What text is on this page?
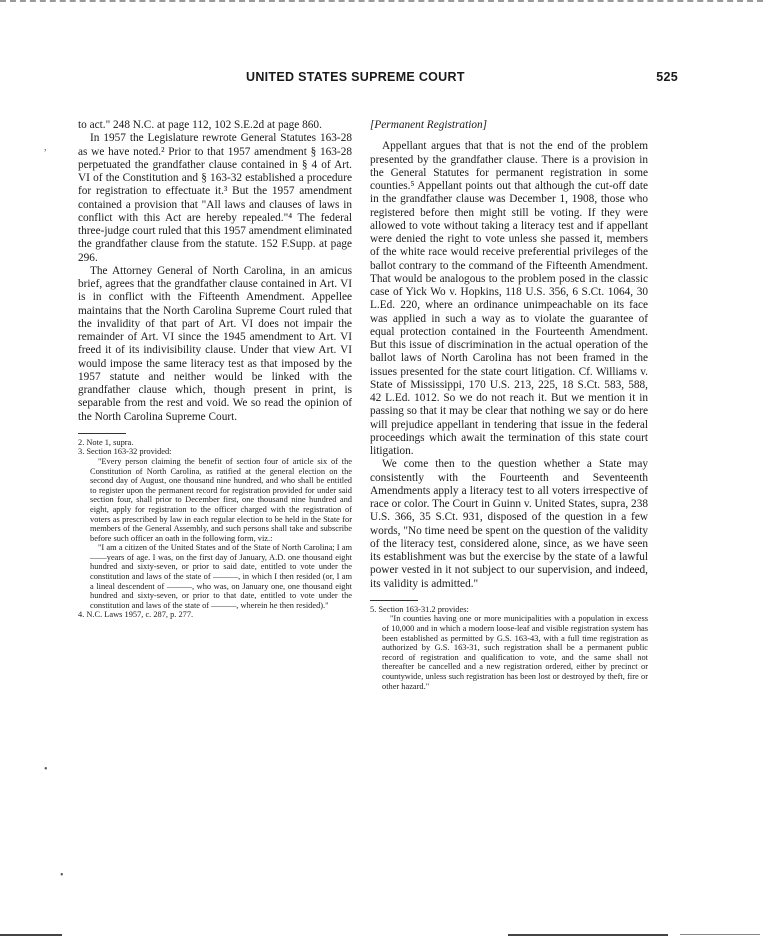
UNITED STATES SUPREME COURT	525
,
•
•

to act." 248 N.C. at page 112, 102 S.E.2d at page 860.

In 1957 the Legislature rewrote General Statutes 163-28 as we have noted.² Prior to that 1957 amendment § 163-28 perpetuated the grandfather clause contained in § 4 of Art. VI of the Constitution and § 163-32 established a procedure for registration to effectuate it.³ But the 1957 amendment contained a provision that "All laws and clauses of laws in conflict with this Act are hereby repealed."⁴ The federal three-judge court ruled that this 1957 amendment eliminated the grandfather clause from the statute. 152 F.Supp. at page 296.

The Attorney General of North Carolina, in an amicus brief, agrees that the grandfather clause contained in Art. VI is in conflict with the Fifteenth Amendment. Appellee maintains that the North Carolina Supreme Court ruled that the invalidity of that part of Art. VI does not impair the remainder of Art. VI since the 1945 amendment to Art. VI freed it of its indivisibility clause. Under that view Art. VI would impose the same literacy test as that imposed by the 1957 statute and neither would be linked with the grandfather clause which, though present in print, is separable from the rest and void. We so read the opinion of the North Carolina Supreme Court.

2. Note 1, supra.

3. Section 163-32 provided:

"Every person claiming the benefit of section four of article six of the Constitution of North Carolina, as ratified at the general election on the second day of August, one thousand nine hundred, and who shall be entitled to register upon the permanent record for registration provided for under said section four, shall prior to December first, one thousand nine hundred and eight, apply for registration to the officer charged with the registration of voters as prescribed by law in each regular election to be held in the State for members of the General Assembly, and such persons shall take and subscribe before such officer an oath in the following form, viz.:

"I am a citizen of the United States and of the State of North Carolina; I am ——years of age. I was, on the first day of January, A.D. one thousand eight hundred and sixty-seven, or prior to said date, entitled to vote under the constitution and laws of the state of ———, in which I then resided (or, I am a lineal descendent of ———, who was, on January one, one thousand eight hundred and sixty-seven, or prior to that date, entitled to vote under the constitution and laws of the state of ———, wherein he then resided)."

4. N.C. Laws 1957, c. 287, p. 277.

[Permanent Registration]

Appellant argues that that is not the end of the problem presented by the grandfather clause. There is a provision in the General Statutes for permanent registration in some counties.⁵ Appellant points out that although the cut-off date in the grandfather clause was December 1, 1908, those who registered before then might still be voting. If they were allowed to vote without taking a literacy test and if appellant were denied the right to vote unless she passed it, members of the white race would receive preferential privileges of the ballot contrary to the command of the Fifteenth Amendment. That would be analogous to the problem posed in the classic case of Yick Wo v. Hopkins, 118 U.S. 356, 6 S.Ct. 1064, 30 L.Ed. 220, where an ordinance unimpeachable on its face was applied in such a way as to violate the guarantee of equal protection contained in the Fourteenth Amendment. But this issue of discrimination in the actual operation of the ballot laws of North Carolina has not been framed in the issues presented for the state court litigation. Cf. Williams v. State of Mississippi, 170 U.S. 213, 225, 18 S.Ct. 583, 588, 42 L.Ed. 1012. So we do not reach it. But we mention it in passing so that it may be clear that nothing we say or do here will prejudice appellant in tendering that issue in the federal proceedings which await the termination of this state court litigation.

We come then to the question whether a State may consistently with the Fourteenth and Seventeenth Amendments apply a literacy test to all voters irrespective of race or color. The Court in Guinn v. United States, supra, 238 U.S. 366, 35 S.Ct. 931, disposed of the question in a few words, "No time need be spent on the question of the validity of the literacy test, considered alone, since, as we have seen its establishment was but the exercise by the state of a lawful power vested in it not subject to our supervision, and indeed, its validity is admitted."

5. Section 163-31.2 provides:

"In counties having one or more municipalities with a population in excess of 10,000 and in which a modern loose-leaf and visible registration system has been established as permitted by G.S. 163-43, with a full time registration as authorized by G.S. 163-31, such registration shall be a permanent public record of registration and qualification to vote, and the same shall not thereafter be cancelled and a new registration ordered, either by precinct or countywide, unless such registration has been lost or destroyed by theft, fire or other hazard."
